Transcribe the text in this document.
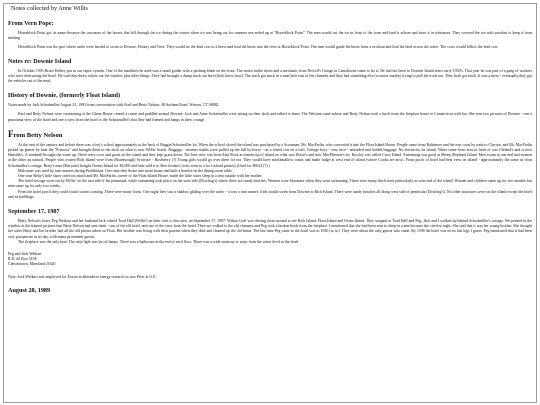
Notes collected by Anne Willis
From Vern Pope:

Horseblock Point got its name because the carcasses of the horses that fell through the ice during the winter when ice was being cut for summer use ended up at "Horseblock Point". The men would cut the ice in front of the town and haul it ashore and store it in icehouses. They covered the ice with sawdust to keep it from melting.

Horseblock Point was the spot where cattle were herded to swim to Downie, Hickey and Vave. They would tie the lead cow to a horse and lead the horse into the river at Horseblock Point. The men would guide the horse from a rowboat and lead the herd across the water. The cows would follow the lead cow.

Notes re: Downie Island

In October 1905 Bruce Kelsey put in our septic system. One of the machines he used was a small grader with a pushing blade on the front. The motor broke down and a mechanic from Newell's Garage in Lansdowne came to fix it. He had not been to Downie Island since early 1950's. That year he was part of a gang of workers who were destructing the hotel. He said they threw toilets out the window plus other things. They had brought a dump truck out here (don't know how). The truck got stuck in a mud hole east of the chimney and they had something else (a tractor maybe) trying to pull the truck out. They both got stuck. It was a mess - eventually they got the vehicles out of the mud.

History of Downie, (formerly Float Island)

Notes made by Jack Schottmiller August 23, 1983 from conversation with Karl and Betty Nelson, 48 Sachem Road, Weston, CT 06882

Karl and Betty Nelson were vacationing at the Glenn House, rented a canoe and paddled around Downie. Jack and Anne Schottmiller were sitting on their dock and talked to them. The Nelsons came ashore and Betty Nelson took a brick from the fireplace home to Connecticut with her. She sent two pictures of Downie - one a panorama view of the hotel and one a view from the hotel to the Schottmiller's that they had framed and hangs in their cottage.

From Betty Nelson

At the turn of the century and before there was a boy's school approximately at the back of Baggie/Schottmiller lot. When the school closed the island was purchased by a Scotsman, Mr. MacFarlin, who converted it into the Float Island House. People came from Baltimore and the east coast by train to Clayton, and Mr. MacFarlin picked up guests by boat the "Princess" and brought them to the dock on what is now Willis' beach. Baggage - steamer trunks were pulled up the hill by horse - on a wheel cart on a trail. Cottage boys - very nice - unloaded and loaded baggage. No electricity on island. Water came from area in front of was Cleland's and is now Hamilin's. A windmill brought the water up. There were cows and goats on the island and they kept grass down. The best view was from East Rock at eastern tip of island on what was Dixon's and now MacPherson's lot. Rowley was called Crow Island. Swimming was good at Sheep (Peplum) Island. Men swam at one end and women at the other au natural. People who owned Rich Island were from (Rosebrough) Syracuse - Roseberry (?) Young girls would go over there for tea. They would have marshmallow roasts and make fudge at west end of island (where Cooks are now). Front porch of hotel had best view on island - approximately the same as from Schottmiller's cottage. Betty's aunt (Marjorie) bought Owens Island for $3,000 and later sold it to Bert Jordan's (who went to a lot cocktail parties) (Used for $6012 (?) )

Malcamer was used by rum runners during Prohibition. One time they broke into main house and built a bonfire on the dining room table.

One time Betty's little sister cried too much and Mr. MacFarlin, owner of the Float Island House, made the little sister sleep in a tent outside with her mother.

The hotel sewage went out by Willis' on the east side if the peninsula, while swimming took place on the west side (Dowling's) where there are sandy beaches. Women wore bloomers when they went swimming. There were many birch trees particularly at west end of the island. Women and children came up for two months but men came up for only two weeks.

From the hotel porch they could watch storms coming. There were many loons. One night they saw a shadow gliding over the water - it was a rum runner. Girls would swim from Downie to Rich Island. There were sandy beaches all along west side of peninsula (Dowling's). No other structures were on the island except the hotel and its buildings.

September 17, 1987

Betty Nelson's sister, Peg Weikart and her husband Jack visited Toad Hall (Willis') on their visit to this area, on September 17, 1987. Wilson Goff was driving them around to see Rich Island, Float Island and Owen Island. They stopped at Toad Hall and Peg, Jack and I walked up behind Schottmiller's cottage. We peeked in the window at the framed pictures that Betty Nelson had sent them - one of the old hotel, and one of the view from the hotel. Then we walked to the old chimney and Peg took a broken brick from the fireplace. I mentioned that she had been sent to sleep in a tent because she cried at night. She said that it was her young brother. She thought her sister Betty and her brother had all the old photos taken on Float. Her brother was living with their parents when they died and cleaned up the old home. The last time Peg came to the hotel was in 1930 (or so). They were about the only guests who came. By 1938 the hotel was on its last legs I guess. Peg mentioned that it had been very prosperous in its day, with many prominent guests.

The fireplace was the only heat. The only light was by oil lamps. There was a bathroom at the end of each floor. There was a wide stairway or steps from the water level to the hotel.

Peg and Jack Weikart

R.D. #2 Box 315E

Chestertown, Maryland 21620

Note: Jack Weikart was employed for Exxon in alternative energy research as was Peter at G.E.

August 28, 1989
